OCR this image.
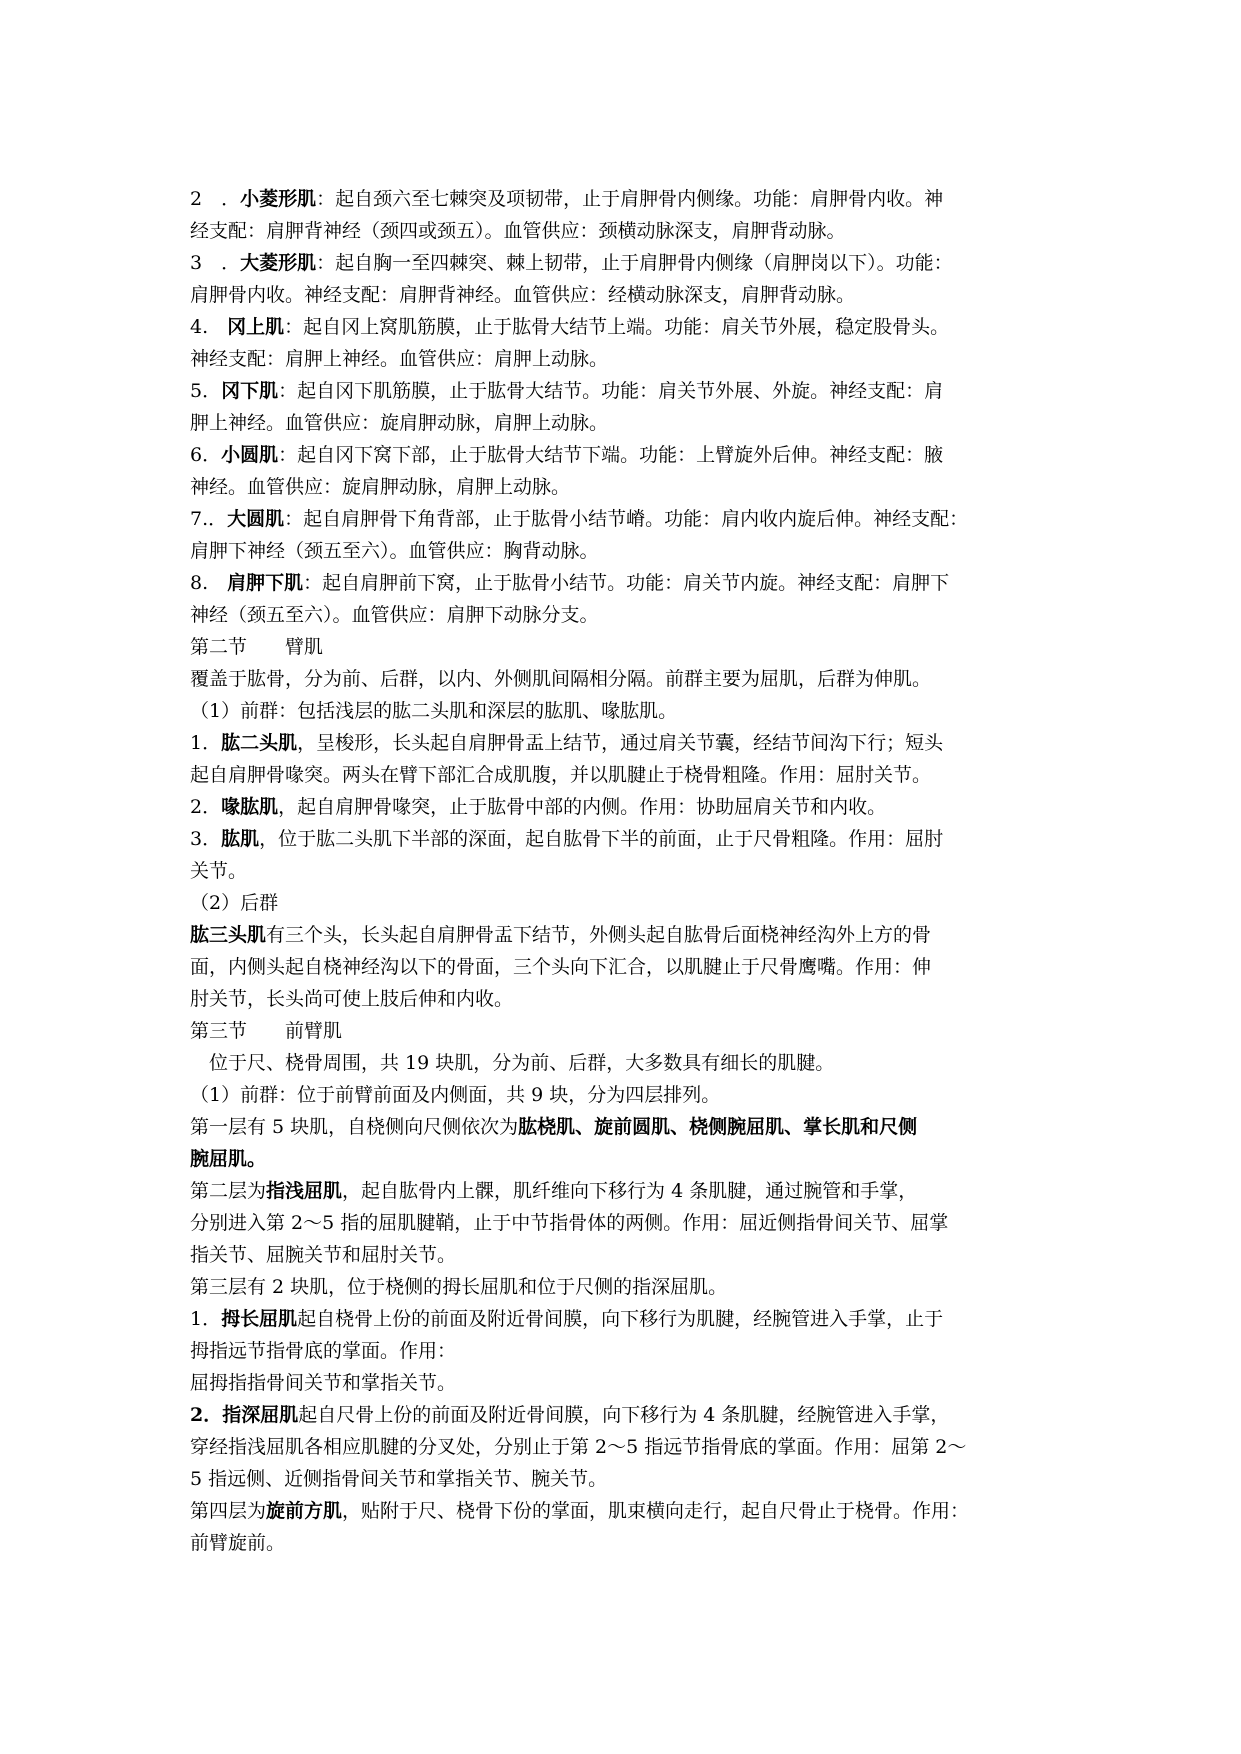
2　．小菱形肌：起自颈六至七棘突及项韧带，止于肩胛骨内侧缘。功能：肩胛骨内收。神
经支配：肩胛背神经（颈四或颈五）。血管供应：颈横动脉深支，肩胛背动脉。
3　．大菱形肌：起自胸一至四棘突、棘上韧带，止于肩胛骨内侧缘（肩胛岗以下）。功能：
肩胛骨内收。神经支配：肩胛背神经。血管供应：经横动脉深支，肩胛背动脉。
4.　冈上肌：起自冈上窝肌筋膜，止于肱骨大结节上端。功能：肩关节外展，稳定股骨头。
神经支配：肩胛上神经。血管供应：肩胛上动脉。
5．冈下肌：起自冈下肌筋膜，止于肱骨大结节。功能：肩关节外展、外旋。神经支配：肩
胛上神经。血管供应：旋肩胛动脉，肩胛上动脉。
6．小圆肌：起自冈下窝下部，止于肱骨大结节下端。功能：上臂旋外后伸。神经支配：腋
神经。血管供应：旋肩胛动脉，肩胛上动脉。
7.．大圆肌：起自肩胛骨下角背部，止于肱骨小结节嵴。功能：肩内收内旋后伸。神经支配：
肩胛下神经（颈五至六）。血管供应：胸背动脉。
8.　肩胛下肌：起自肩胛前下窝，止于肱骨小结节。功能：肩关节内旋。神经支配：肩胛下
神经（颈五至六）。血管供应：肩胛下动脉分支。
第二节　　臂肌
覆盖于肱骨，分为前、后群，以内、外侧肌间隔相分隔。前群主要为屈肌，后群为伸肌。
（1）前群：包括浅层的肱二头肌和深层的肱肌、喙肱肌。
1．肱二头肌，呈梭形，长头起自肩胛骨盂上结节，通过肩关节囊，经结节间沟下行；短头
起自肩胛骨喙突。两头在臂下部汇合成肌腹，并以肌腱止于桡骨粗隆。作用：屈肘关节。
2．喙肱肌，起自肩胛骨喙突，止于肱骨中部的内侧。作用：协助屈肩关节和内收。
3．肱肌，位于肱二头肌下半部的深面，起自肱骨下半的前面，止于尺骨粗隆。作用：屈肘
关节。
（2）后群
肱三头肌有三个头，长头起自肩胛骨盂下结节，外侧头起自肱骨后面桡神经沟外上方的骨
面，内侧头起自桡神经沟以下的骨面，三个头向下汇合，以肌腱止于尺骨鹰嘴。作用：伸
肘关节，长头尚可使上肢后伸和内收。
第三节　　前臂肌
　位于尺、桡骨周围，共 19 块肌，分为前、后群，大多数具有细长的肌腱。
（1）前群：位于前臂前面及内侧面，共 9 块，分为四层排列。
第一层有 5 块肌，自桡侧向尺侧依次为肱桡肌、旋前圆肌、桡侧腕屈肌、掌长肌和尺侧
腕屈肌。
第二层为指浅屈肌，起自肱骨内上髁，肌纤维向下移行为 4 条肌腱，通过腕管和手掌，
分别进入第 2～5 指的屈肌腱鞘，止于中节指骨体的两侧。作用：屈近侧指骨间关节、屈掌
指关节、屈腕关节和屈肘关节。
第三层有 2 块肌，位于桡侧的拇长屈肌和位于尺侧的指深屈肌。
1．拇长屈肌起自桡骨上份的前面及附近骨间膜，向下移行为肌腱，经腕管进入手掌，止于
拇指远节指骨底的掌面。作用：
屈拇指指骨间关节和掌指关节。
2．指深屈肌起自尺骨上份的前面及附近骨间膜，向下移行为 4 条肌腱，经腕管进入手掌，
穿经指浅屈肌各相应肌腱的分叉处，分别止于第 2～5 指远节指骨底的掌面。作用：屈第 2～
5 指远侧、近侧指骨间关节和掌指关节、腕关节。
第四层为旋前方肌，贴附于尺、桡骨下份的掌面，肌束横向走行，起自尺骨止于桡骨。作用：
前臂旋前。
